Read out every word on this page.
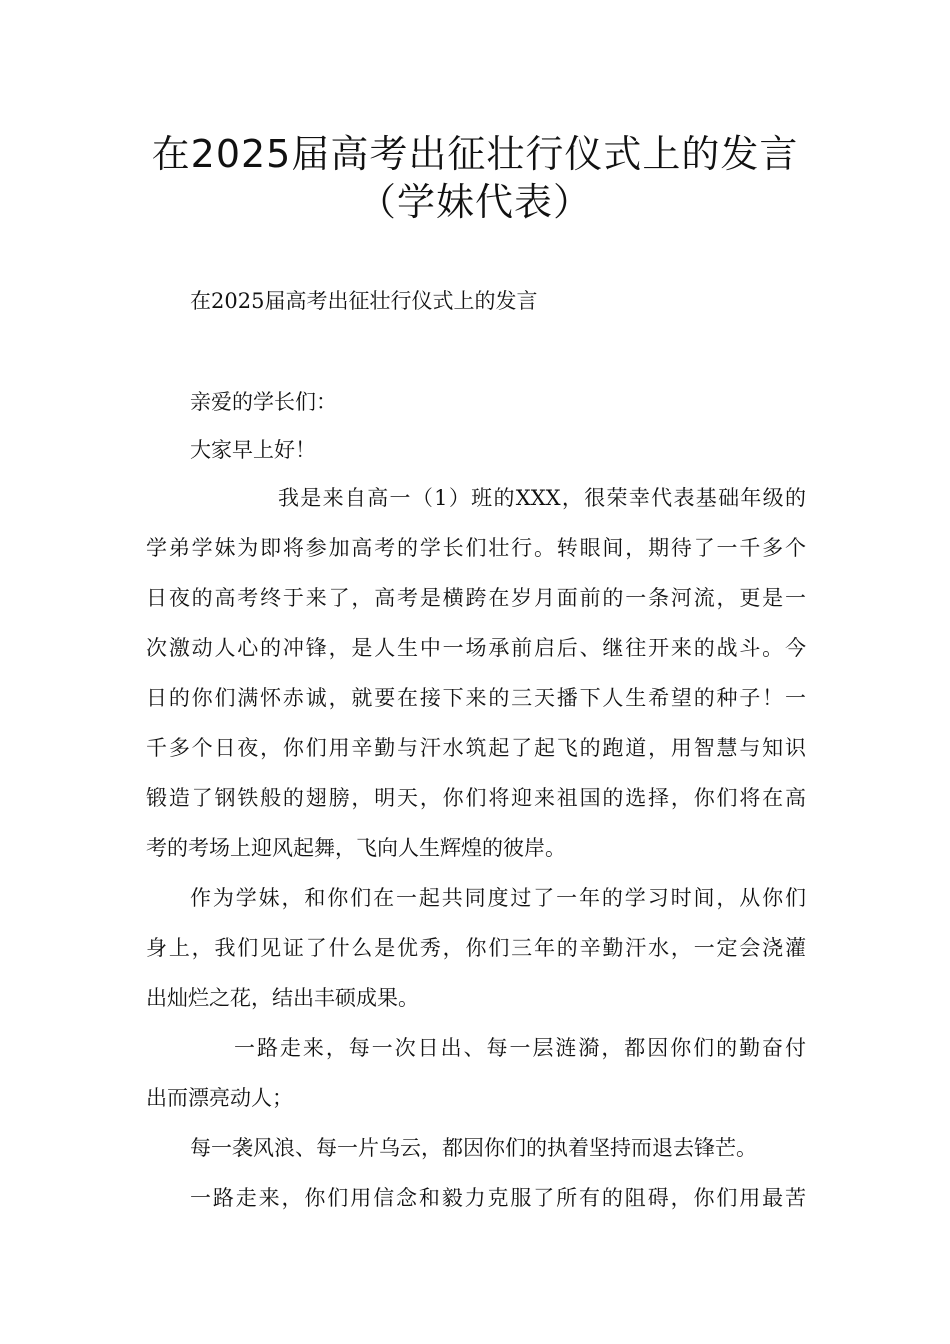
在2025届高考出征壮行仪式上的发言
（学妹代表）

在2025届高考出征壮行仪式上的发言

亲爱的学长们：

大家早上好！

我是来自高一（1）班的XXX，很荣幸代表基础年级的

学弟学妹为即将参加高考的学长们壮行。转眼间，期待了一千多个

日夜的高考终于来了，高考是横跨在岁月面前的一条河流，更是一

次激动人心的冲锋，是人生中一场承前启后、继往开来的战斗。今

日的你们满怀赤诚，就要在接下来的三天播下人生希望的种子！一

千多个日夜，你们用辛勤与汗水筑起了起飞的跑道，用智慧与知识

锻造了钢铁般的翅膀，明天，你们将迎来祖国的选择，你们将在高

考的考场上迎风起舞，飞向人生辉煌的彼岸。

作为学妹，和你们在一起共同度过了一年的学习时间，从你们

身上，我们见证了什么是优秀，你们三年的辛勤汗水，一定会浇灌

出灿烂之花，结出丰硕成果。

一路走来，每一次日出、每一层涟漪，都因你们的勤奋付

出而漂亮动人；

每一袭风浪、每一片乌云，都因你们的执着坚持而退去锋芒。

一路走来，你们用信念和毅力克服了所有的阻碍，你们用最苦
